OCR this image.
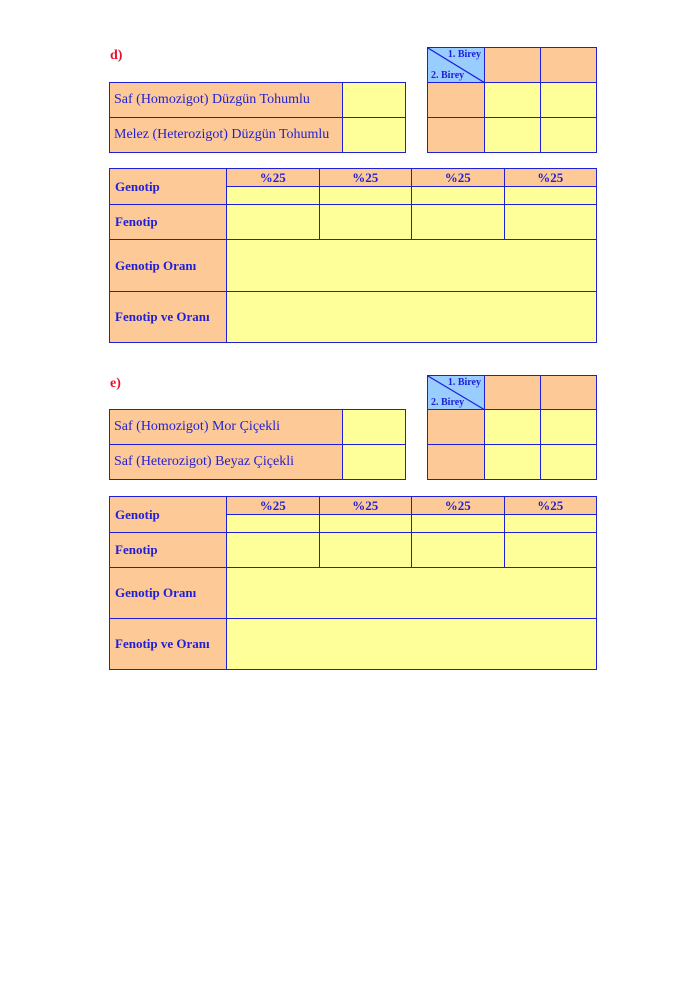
d)
Saf (Homozigot) Düzgün Tohumlu	
Melez (Heterozigot) Düzgün Tohumlu	
1. Birey
2. Birey		

Genotip	%25	%25	%25	%25

Fenotip				
Genotip Oranı				
Fenotip ve Oranı				
e)
Saf (Homozigot) Mor Çiçekli	
Saf (Heterozigot) Beyaz Çiçekli	
1. Birey
2. Birey		

Genotip	%25	%25	%25	%25

Fenotip				
Genotip Oranı				
Fenotip ve Oranı				
